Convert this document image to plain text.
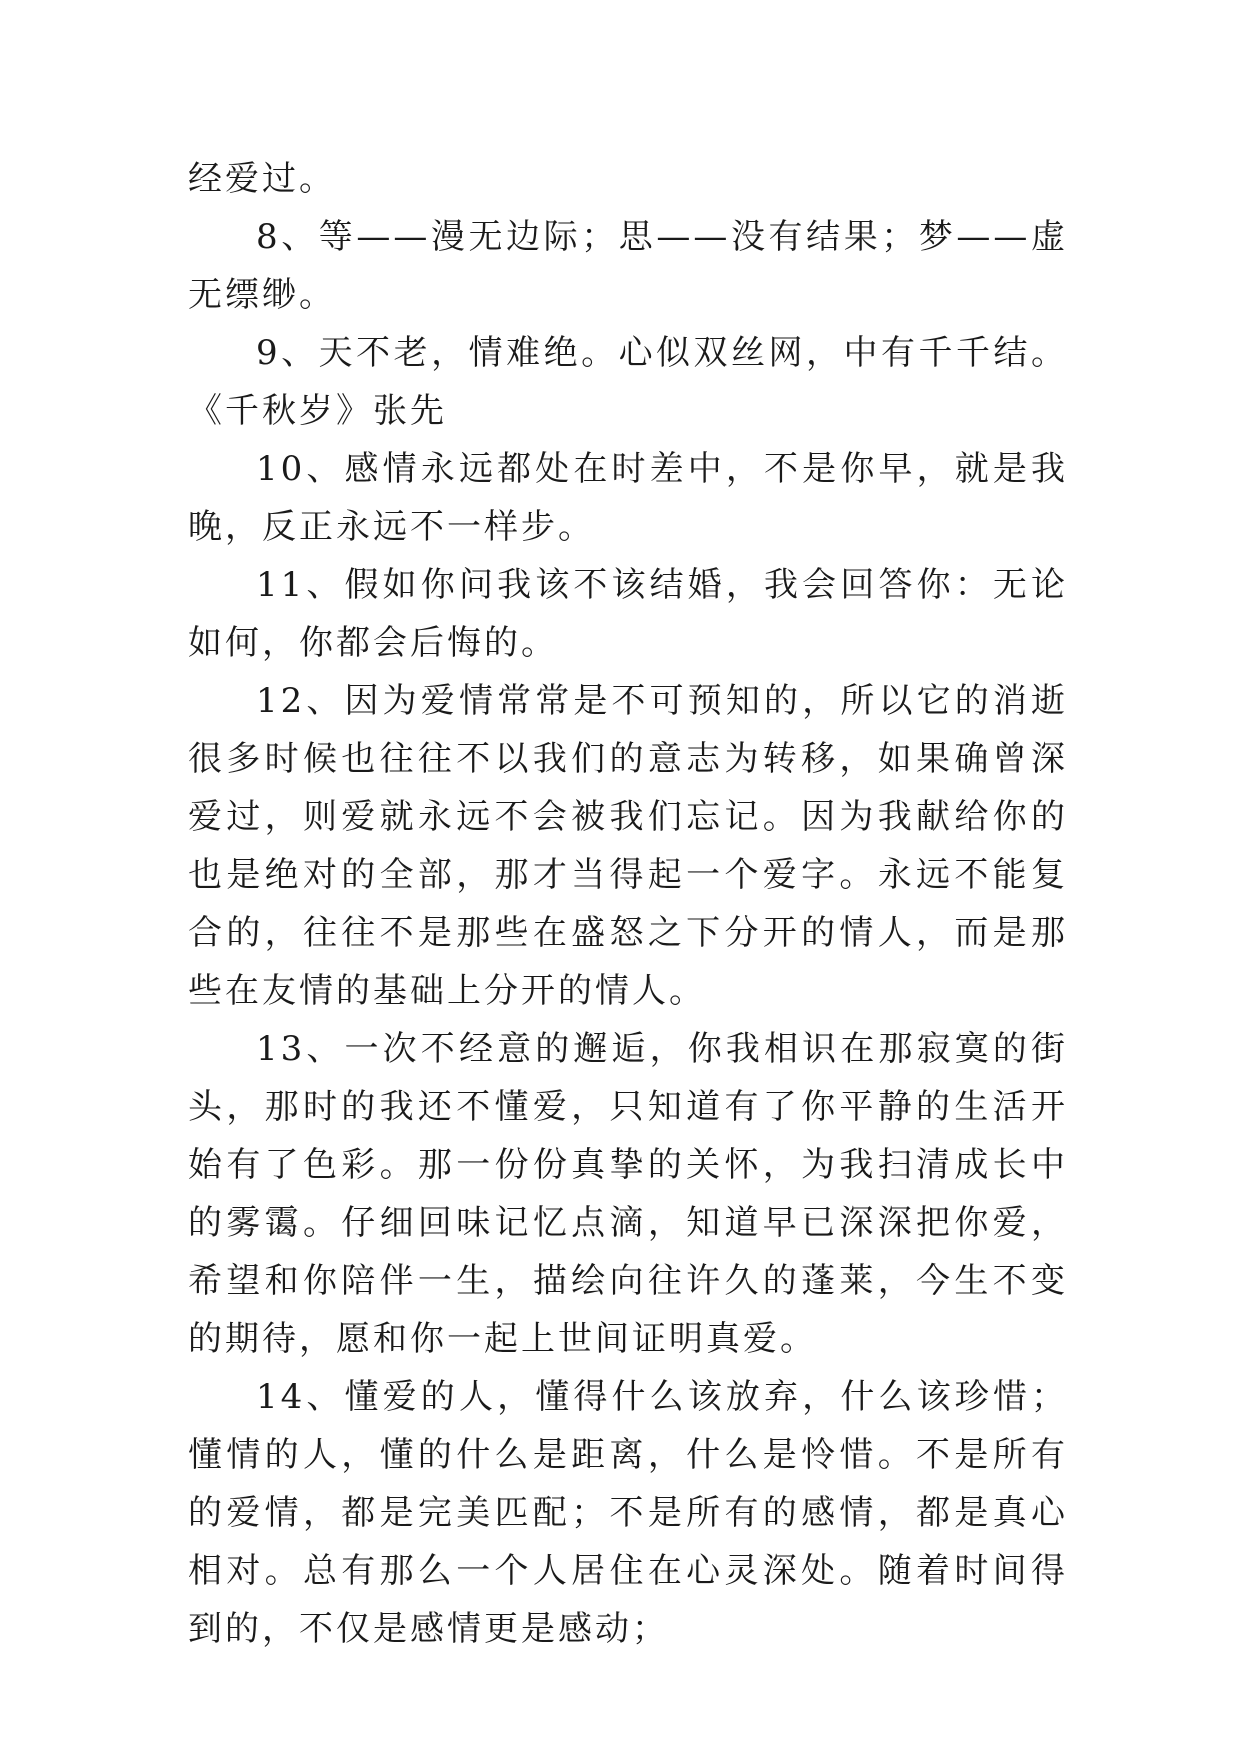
经爱过。

8、等——漫无边际；思——没有结果；梦——虚无缥缈。

9、天不老，情难绝。心似双丝网，中有千千结。《千秋岁》张先

10、感情永远都处在时差中，不是你早，就是我晚，反正永远不一样步。

11、假如你问我该不该结婚，我会回答你：无论如何，你都会后悔的。

12、因为爱情常常是不可预知的，所以它的消逝很多时候也往往不以我们的意志为转移，如果确曾深爱过，则爱就永远不会被我们忘记。因为我献给你的也是绝对的全部，那才当得起一个爱字。永远不能复合的，往往不是那些在盛怒之下分开的情人，而是那些在友情的基础上分开的情人。

13、一次不经意的邂逅，你我相识在那寂寞的街头，那时的我还不懂爱，只知道有了你平静的生活开始有了色彩。那一份份真挚的关怀，为我扫清成长中的雾霭。仔细回味记忆点滴，知道早已深深把你爱，希望和你陪伴一生，描绘向往许久的蓬莱，今生不变的期待，愿和你一起上世间证明真爱。

14、懂爱的人，懂得什么该放弃，什么该珍惜；懂情的人，懂的什么是距离，什么是怜惜。不是所有的爱情，都是完美匹配；不是所有的感情，都是真心相对。总有那么一个人居住在心灵深处。随着时间得到的，不仅是感情更是感动；
